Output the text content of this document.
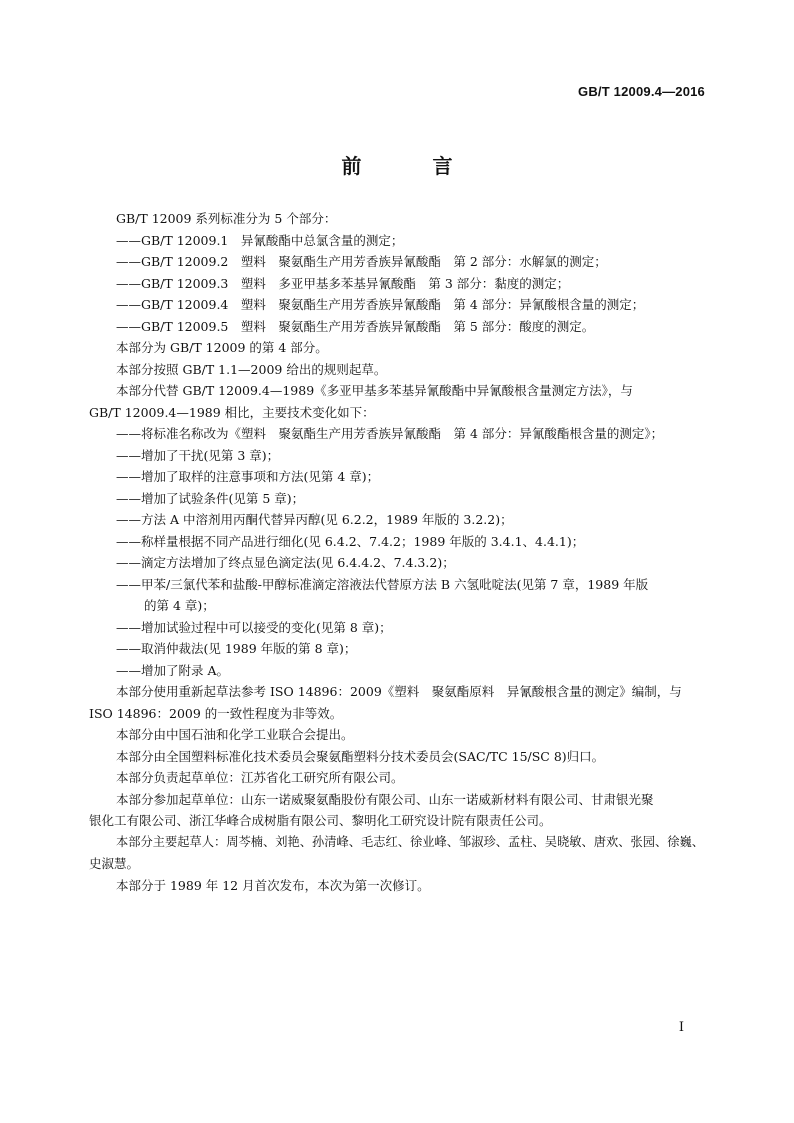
GB/T 12009.4—2016
前 言

GB/T 12009 系列标准分为 5 个部分：

——GB/T 12009.1　异氰酸酯中总氯含量的测定；

——GB/T 12009.2　塑料　聚氨酯生产用芳香族异氰酸酯　第 2 部分：水解氯的测定；

——GB/T 12009.3　塑料　多亚甲基多苯基异氰酸酯　第 3 部分：黏度的测定；

——GB/T 12009.4　塑料　聚氨酯生产用芳香族异氰酸酯　第 4 部分：异氰酸根含量的测定；

——GB/T 12009.5　塑料　聚氨酯生产用芳香族异氰酸酯　第 5 部分：酸度的测定。

本部分为 GB/T 12009 的第 4 部分。

本部分按照 GB/T 1.1—2009 给出的规则起草。

本部分代替 GB/T 12009.4—1989《多亚甲基多苯基异氰酸酯中异氰酸根含量测定方法》，与
GB/T 12009.4—1989 相比，主要技术变化如下：

——将标准名称改为《塑料　聚氨酯生产用芳香族异氰酸酯　第 4 部分：异氰酸酯根含量的测定》；

——增加了干扰(见第 3 章)；

——增加了取样的注意事项和方法(见第 4 章)；

——增加了试验条件(见第 5 章)；

——方法 A 中溶剂用丙酮代替异丙醇(见 6.2.2，1989 年版的 3.2.2)；

——称样量根据不同产品进行细化(见 6.4.2、7.4.2；1989 年版的 3.4.1、4.4.1)；

——滴定方法增加了终点显色滴定法(见 6.4.4.2、7.4.3.2)；

——甲苯/三氯代苯和盐酸-甲醇标准滴定溶液法代替原方法 B 六氢吡啶法(见第 7 章，1989 年版
的第 4 章)；

——增加试验过程中可以接受的变化(见第 8 章)；

——取消仲裁法(见 1989 年版的第 8 章)；

——增加了附录 A。

本部分使用重新起草法参考 ISO 14896：2009《塑料　聚氨酯原料　异氰酸根含量的测定》编制，与
ISO 14896：2009 的一致性程度为非等效。

本部分由中国石油和化学工业联合会提出。

本部分由全国塑料标准化技术委员会聚氨酯塑料分技术委员会(SAC/TC 15/SC 8)归口。

本部分负责起草单位：江苏省化工研究所有限公司。

本部分参加起草单位：山东一诺威聚氨酯股份有限公司、山东一诺威新材料有限公司、甘肃银光聚
银化工有限公司、浙江华峰合成树脂有限公司、黎明化工研究设计院有限责任公司。
本部分主要起草人：周芩楠、刘艳、孙清峰、毛志红、徐业峰、邹淑珍、孟柱、吴晓敏、唐欢、张园、徐巍、
史淑慧。

本部分于 1989 年 12 月首次发布，本次为第一次修订。

I
